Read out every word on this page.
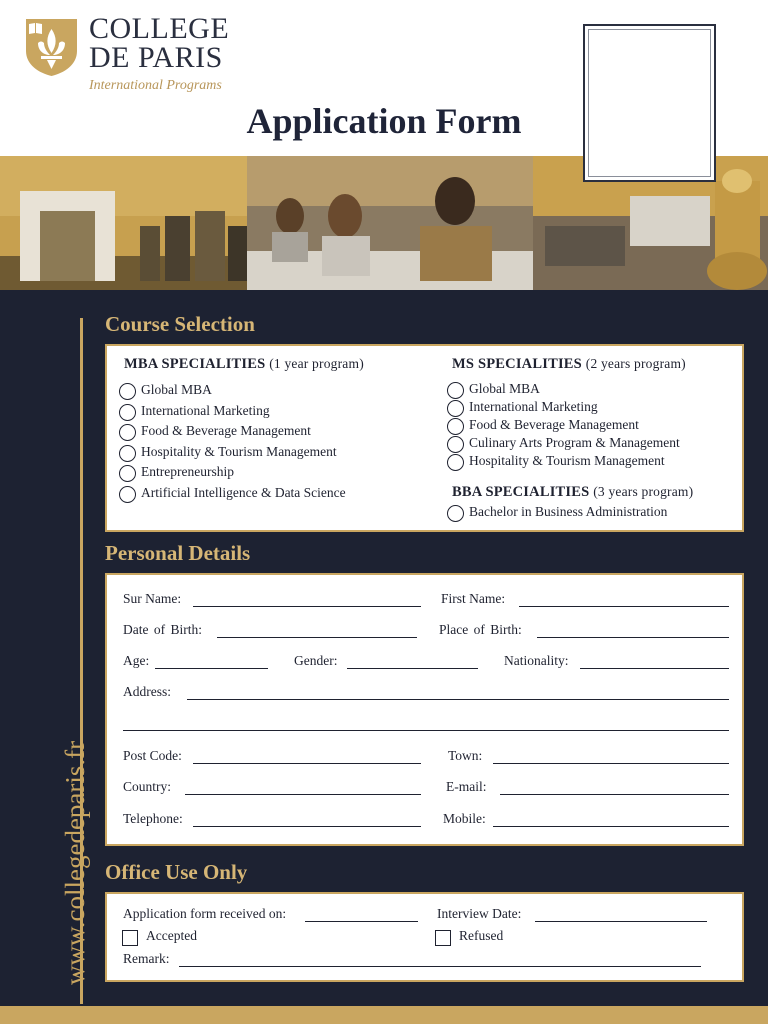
COLLEGE
DE PARIS
International Programs
Application Form
www.collegedeparis.fr
Course Selection
MBA SPECIALITIES (1 year program)
Global MBA
International Marketing
Food & Beverage Management
Hospitality & Tourism Management
Entrepreneurship
Artificial Intelligence & Data Science
MS SPECIALITIES (2 years program)
Global MBA
International Marketing
Food & Beverage Management
Culinary Arts Program & Management
Hospitality & Tourism Management
BBA SPECIALITIES (3 years program)
Bachelor in Business Administration
Personal Details
Sur Name:	First Name:
Date of Birth:	Place of Birth:
Age:	Gender:	Nationality:
Address:
Post Code:	Town:
Country:	E-mail:
Telephone:	Mobile:
Office Use Only
Application form received on:	Interview Date:
Accepted	Refused
Remark:
